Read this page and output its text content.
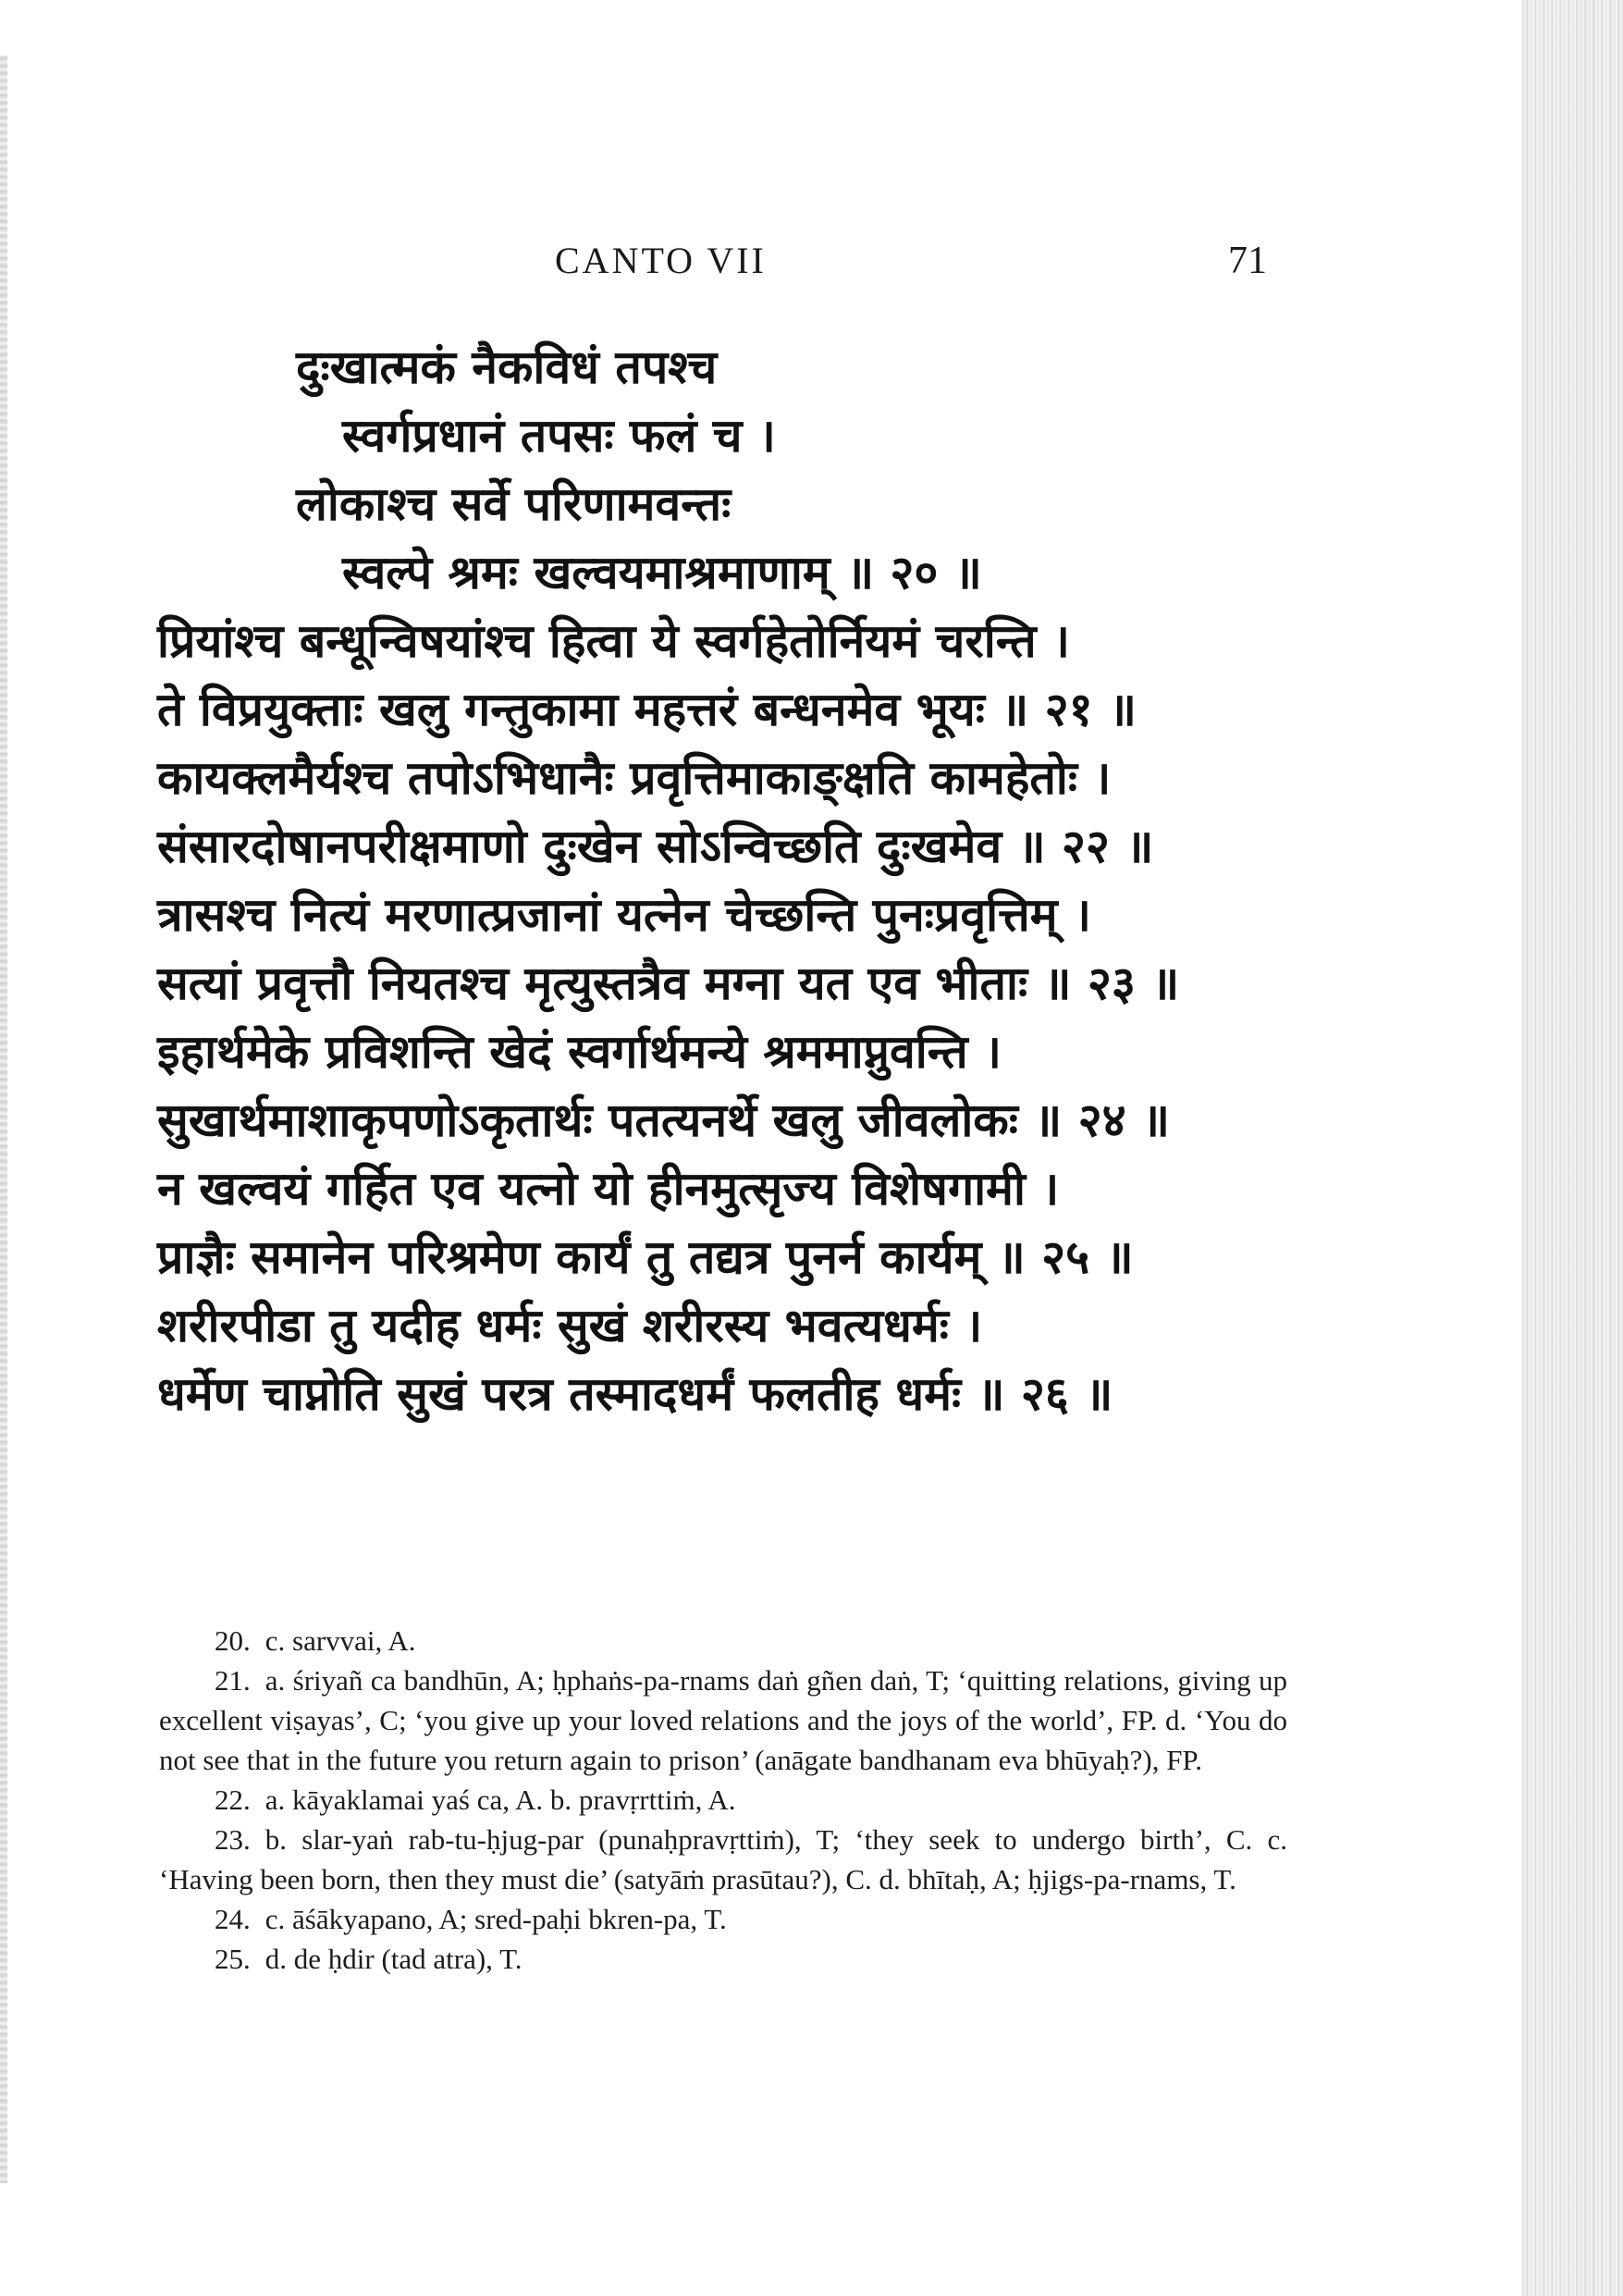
CANTO VII	71
दुःखात्मकं नैकविधं तपश्च
स्वर्गप्रधानं तपसः फलं च ।
लोकाश्च सर्वे परिणामवन्तः
स्वल्पे श्रमः खल्वयमाश्रमाणाम् ॥ २० ॥
प्रियांश्च बन्धून्विषयांश्च हित्वा ये स्वर्गहेतोर्नियमं चरन्ति ।
ते विप्रयुक्ताः खलु गन्तुकामा महत्तरं बन्धनमेव भूयः ॥ २१ ॥
कायक्लमैर्यश्च तपोऽभिधानैः प्रवृत्तिमाकाङ्क्षति कामहेतोः ।
संसारदोषानपरीक्षमाणो दुःखेन सोऽन्विच्छति दुःखमेव ॥ २२ ॥
त्रासश्च नित्यं मरणात्प्रजानां यत्नेन चेच्छन्ति पुनःप्रवृत्तिम् ।
सत्यां प्रवृत्तौ नियतश्च मृत्युस्तत्रैव मग्ना यत एव भीताः ॥ २३ ॥
इहार्थमेके प्रविशन्ति खेदं स्वर्गार्थमन्ये श्रममाप्नुवन्ति ।
सुखार्थमाशाकृपणोऽकृतार्थः पतत्यनर्थे खलु जीवलोकः ॥ २४ ॥
न खल्वयं गर्हित एव यत्नो यो हीनमुत्सृज्य विशेषगामी ।
प्राज्ञैः समानेन परिश्रमेण कार्यं तु तद्यत्र पुनर्न कार्यम् ॥ २५ ॥
शरीरपीडा तु यदीह धर्मः सुखं शरीरस्य भवत्यधर्मः ।
धर्मेण चाप्नोति सुखं परत्र तस्मादधर्मं फलतीह धर्मः ॥ २६ ॥

20. c. sarvvai, A.

21. a. śriyañ ca bandhūn, A; ḥphaṅs-pa-rnams daṅ gñen daṅ, T; ‘quitting relations, giving up excellent viṣayas’, C; ‘you give up your loved relations and the joys of the world’, FP. d. ‘You do not see that in the future you return again to prison’ (anāgate bandhanam eva bhūyaḥ?), FP.

22. a. kāyaklamai yaś ca, A. b. pravṛrttiṁ, A.

23. b. slar-yaṅ rab-tu-ḥjug-par (punaḥpravṛttiṁ), T; ‘they seek to undergo birth’, C. c. ‘Having been born, then they must die’ (satyāṁ prasūtau?), C. d. bhītaḥ, A; ḥjigs-pa-rnams, T.

24. c. āśākyapano, A; sred-paḥi bkren-pa, T.

25. d. de ḥdir (tad atra), T.
